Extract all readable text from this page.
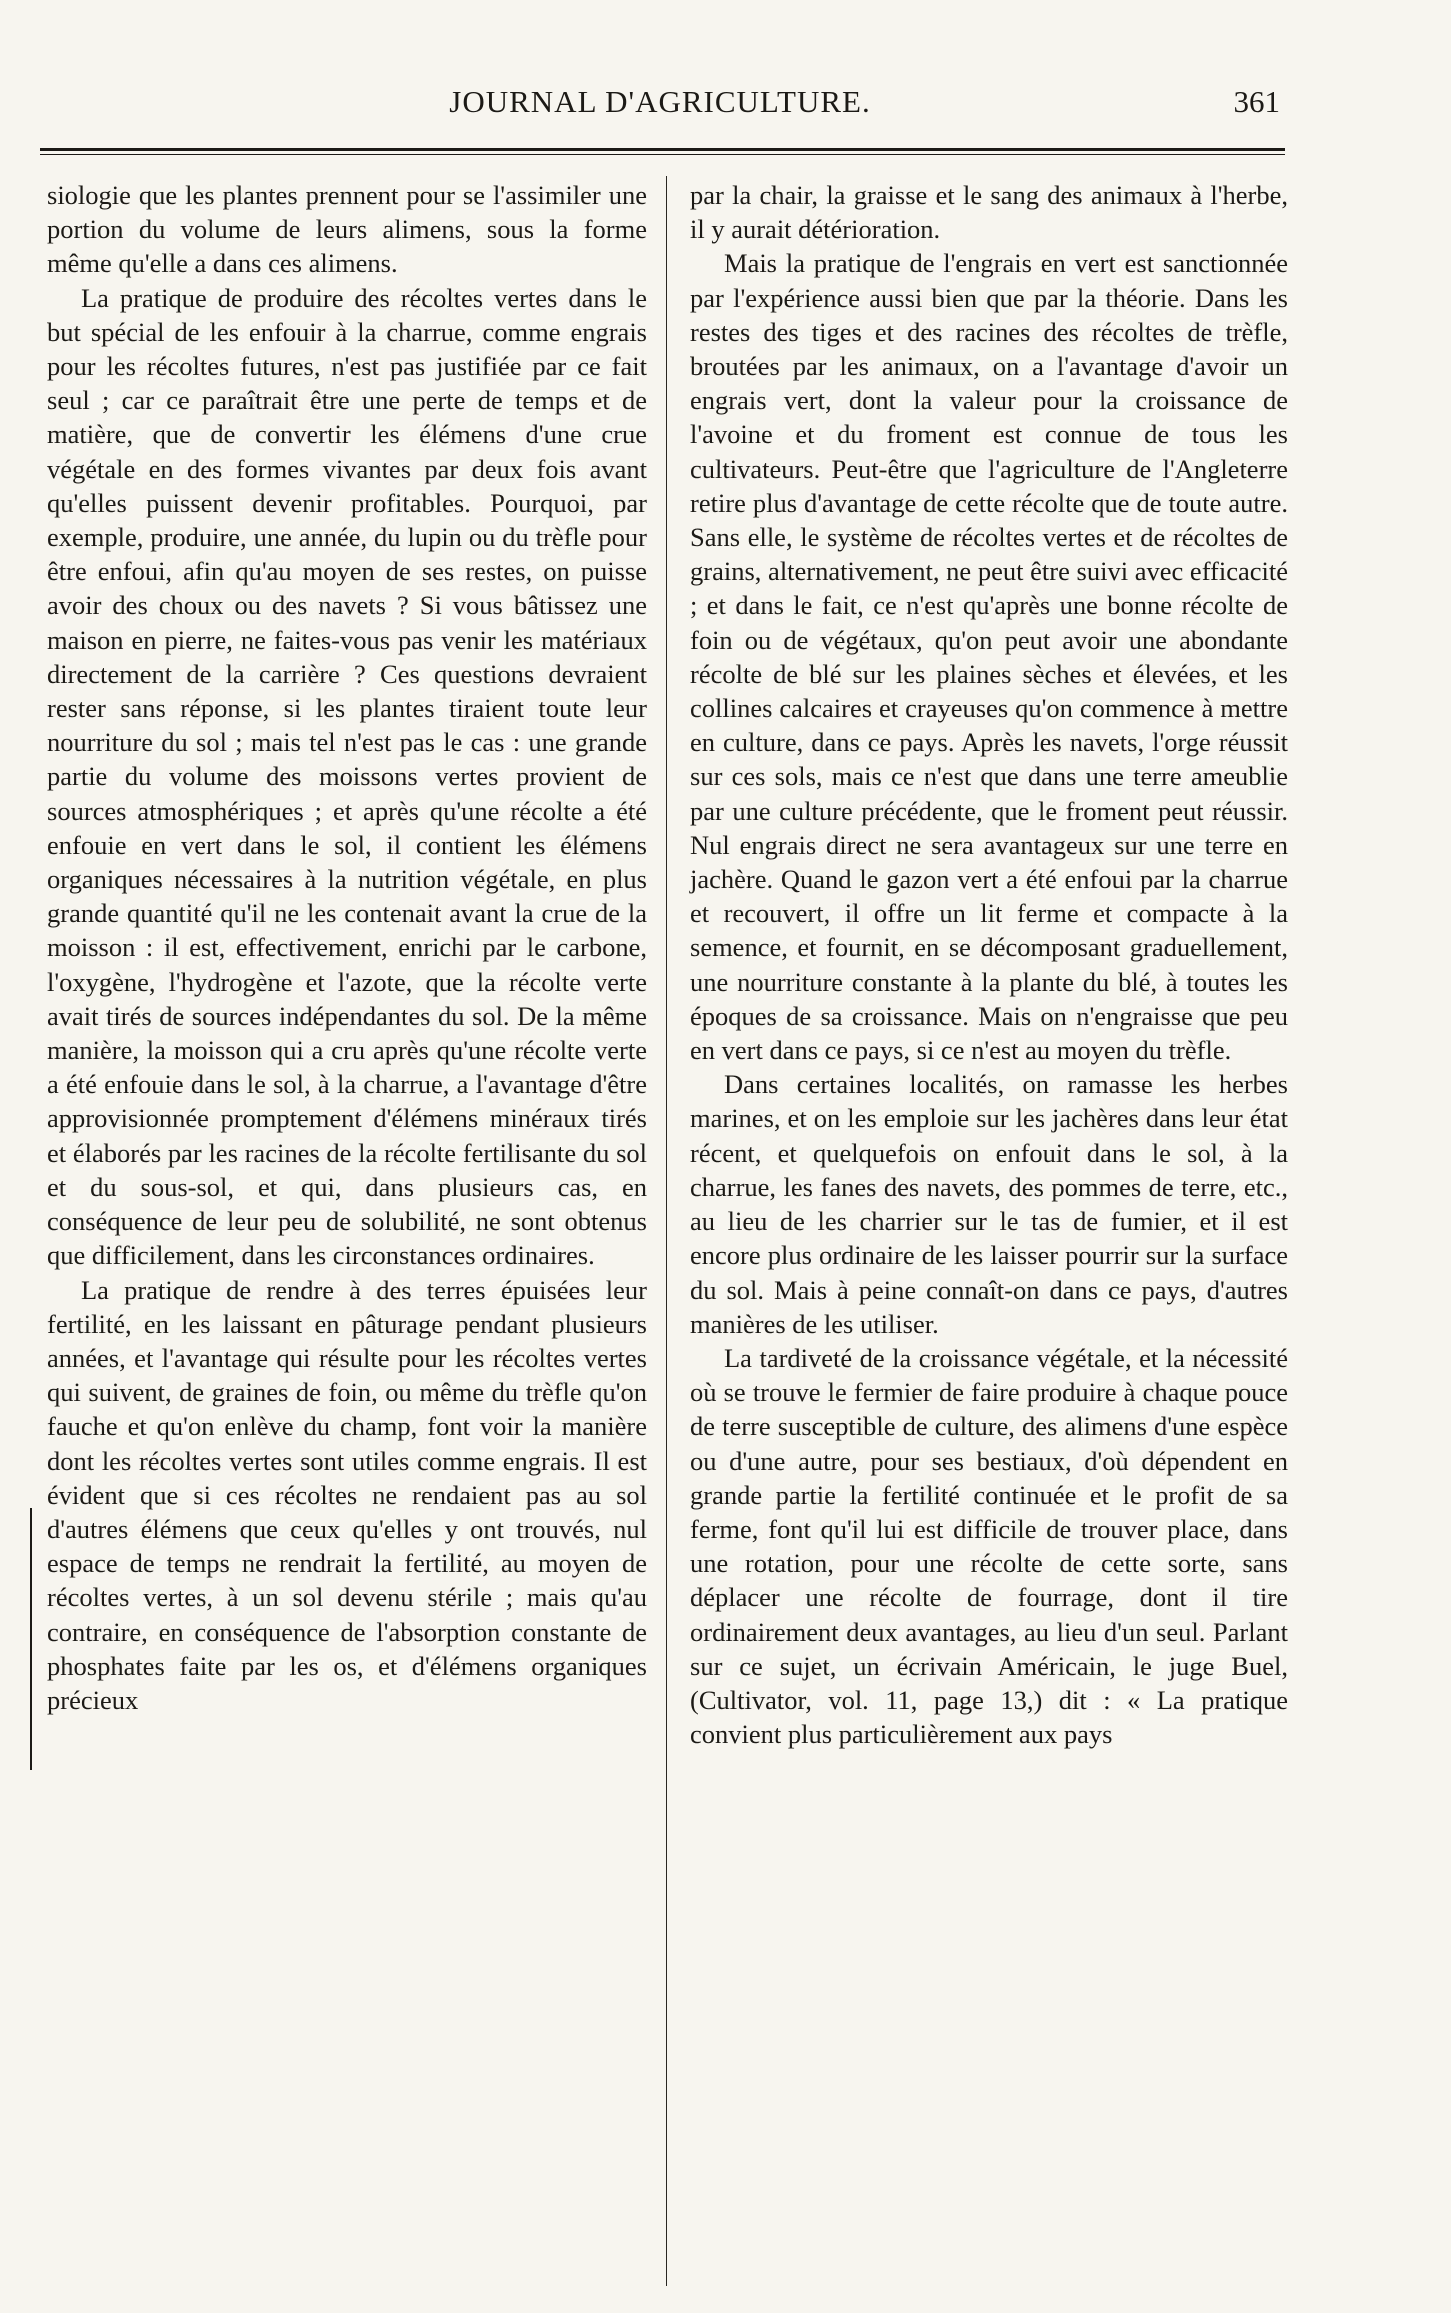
JOURNAL D'AGRICULTURE.	361

siologie que les plantes prennent pour se l'assimiler une portion du volume de leurs alimens, sous la forme même qu'elle a dans ces alimens.

La pratique de produire des récoltes vertes dans le but spécial de les enfouir à la charrue, comme engrais pour les récoltes futures, n'est pas justifiée par ce fait seul ; car ce paraîtrait être une perte de temps et de matière, que de convertir les élémens d'une crue végétale en des formes vivantes par deux fois avant qu'elles puissent devenir profitables. Pourquoi, par exemple, produire, une année, du lupin ou du trèfle pour être enfoui, afin qu'au moyen de ses restes, on puisse avoir des choux ou des navets ? Si vous bâtissez une maison en pierre, ne faites-vous pas venir les matériaux directement de la carrière ? Ces questions devraient rester sans réponse, si les plantes tiraient toute leur nourriture du sol ; mais tel n'est pas le cas : une grande partie du volume des moissons vertes provient de sources atmosphériques ; et après qu'une récolte a été enfouie en vert dans le sol, il contient les élémens organiques nécessaires à la nutrition végétale, en plus grande quantité qu'il ne les contenait avant la crue de la moisson : il est, effectivement, enrichi par le carbone, l'oxygène, l'hydrogène et l'azote, que la récolte verte avait tirés de sources indépendantes du sol. De la même manière, la moisson qui a cru après qu'une récolte verte a été enfouie dans le sol, à la charrue, a l'avantage d'être approvisionnée promptement d'élémens minéraux tirés et élaborés par les racines de la récolte fertilisante du sol et du sous-sol, et qui, dans plusieurs cas, en conséquence de leur peu de solubilité, ne sont obtenus que difficilement, dans les circonstances ordinaires.

La pratique de rendre à des terres épuisées leur fertilité, en les laissant en pâturage pendant plusieurs années, et l'avantage qui résulte pour les récoltes vertes qui suivent, de graines de foin, ou même du trèfle qu'on fauche et qu'on enlève du champ, font voir la manière dont les récoltes vertes sont utiles comme engrais. Il est évident que si ces récoltes ne rendaient pas au sol d'autres élémens que ceux qu'elles y ont trouvés, nul espace de temps ne rendrait la fertilité, au moyen de récoltes vertes, à un sol devenu stérile ; mais qu'au contraire, en conséquence de l'absorption constante de phosphates faite par les os, et d'élémens organiques précieux

par la chair, la graisse et le sang des animaux à l'herbe, il y aurait détérioration.

Mais la pratique de l'engrais en vert est sanctionnée par l'expérience aussi bien que par la théorie. Dans les restes des tiges et des racines des récoltes de trèfle, broutées par les animaux, on a l'avantage d'avoir un engrais vert, dont la valeur pour la croissance de l'avoine et du froment est connue de tous les cultivateurs. Peut-être que l'agriculture de l'Angleterre retire plus d'avantage de cette récolte que de toute autre. Sans elle, le système de récoltes vertes et de récoltes de grains, alternativement, ne peut être suivi avec efficacité ; et dans le fait, ce n'est qu'après une bonne récolte de foin ou de végétaux, qu'on peut avoir une abondante récolte de blé sur les plaines sèches et élevées, et les collines calcaires et crayeuses qu'on commence à mettre en culture, dans ce pays. Après les navets, l'orge réussit sur ces sols, mais ce n'est que dans une terre ameublie par une culture précédente, que le froment peut réussir. Nul engrais direct ne sera avantageux sur une terre en jachère. Quand le gazon vert a été enfoui par la charrue et recouvert, il offre un lit ferme et compacte à la semence, et fournit, en se décomposant graduellement, une nourriture constante à la plante du blé, à toutes les époques de sa croissance. Mais on n'engraisse que peu en vert dans ce pays, si ce n'est au moyen du trèfle.

Dans certaines localités, on ramasse les herbes marines, et on les emploie sur les jachères dans leur état récent, et quelquefois on enfouit dans le sol, à la charrue, les fanes des navets, des pommes de terre, etc., au lieu de les charrier sur le tas de fumier, et il est encore plus ordinaire de les laisser pourrir sur la surface du sol. Mais à peine connaît-on dans ce pays, d'autres manières de les utiliser.

La tardiveté de la croissance végétale, et la nécessité où se trouve le fermier de faire produire à chaque pouce de terre susceptible de culture, des alimens d'une espèce ou d'une autre, pour ses bestiaux, d'où dépendent en grande partie la fertilité continuée et le profit de sa ferme, font qu'il lui est difficile de trouver place, dans une rotation, pour une récolte de cette sorte, sans déplacer une récolte de fourrage, dont il tire ordinairement deux avantages, au lieu d'un seul. Parlant sur ce sujet, un écrivain Américain, le juge Buel, (Cultivator, vol. 11, page 13,) dit : « La pratique convient plus particulièrement aux pays
